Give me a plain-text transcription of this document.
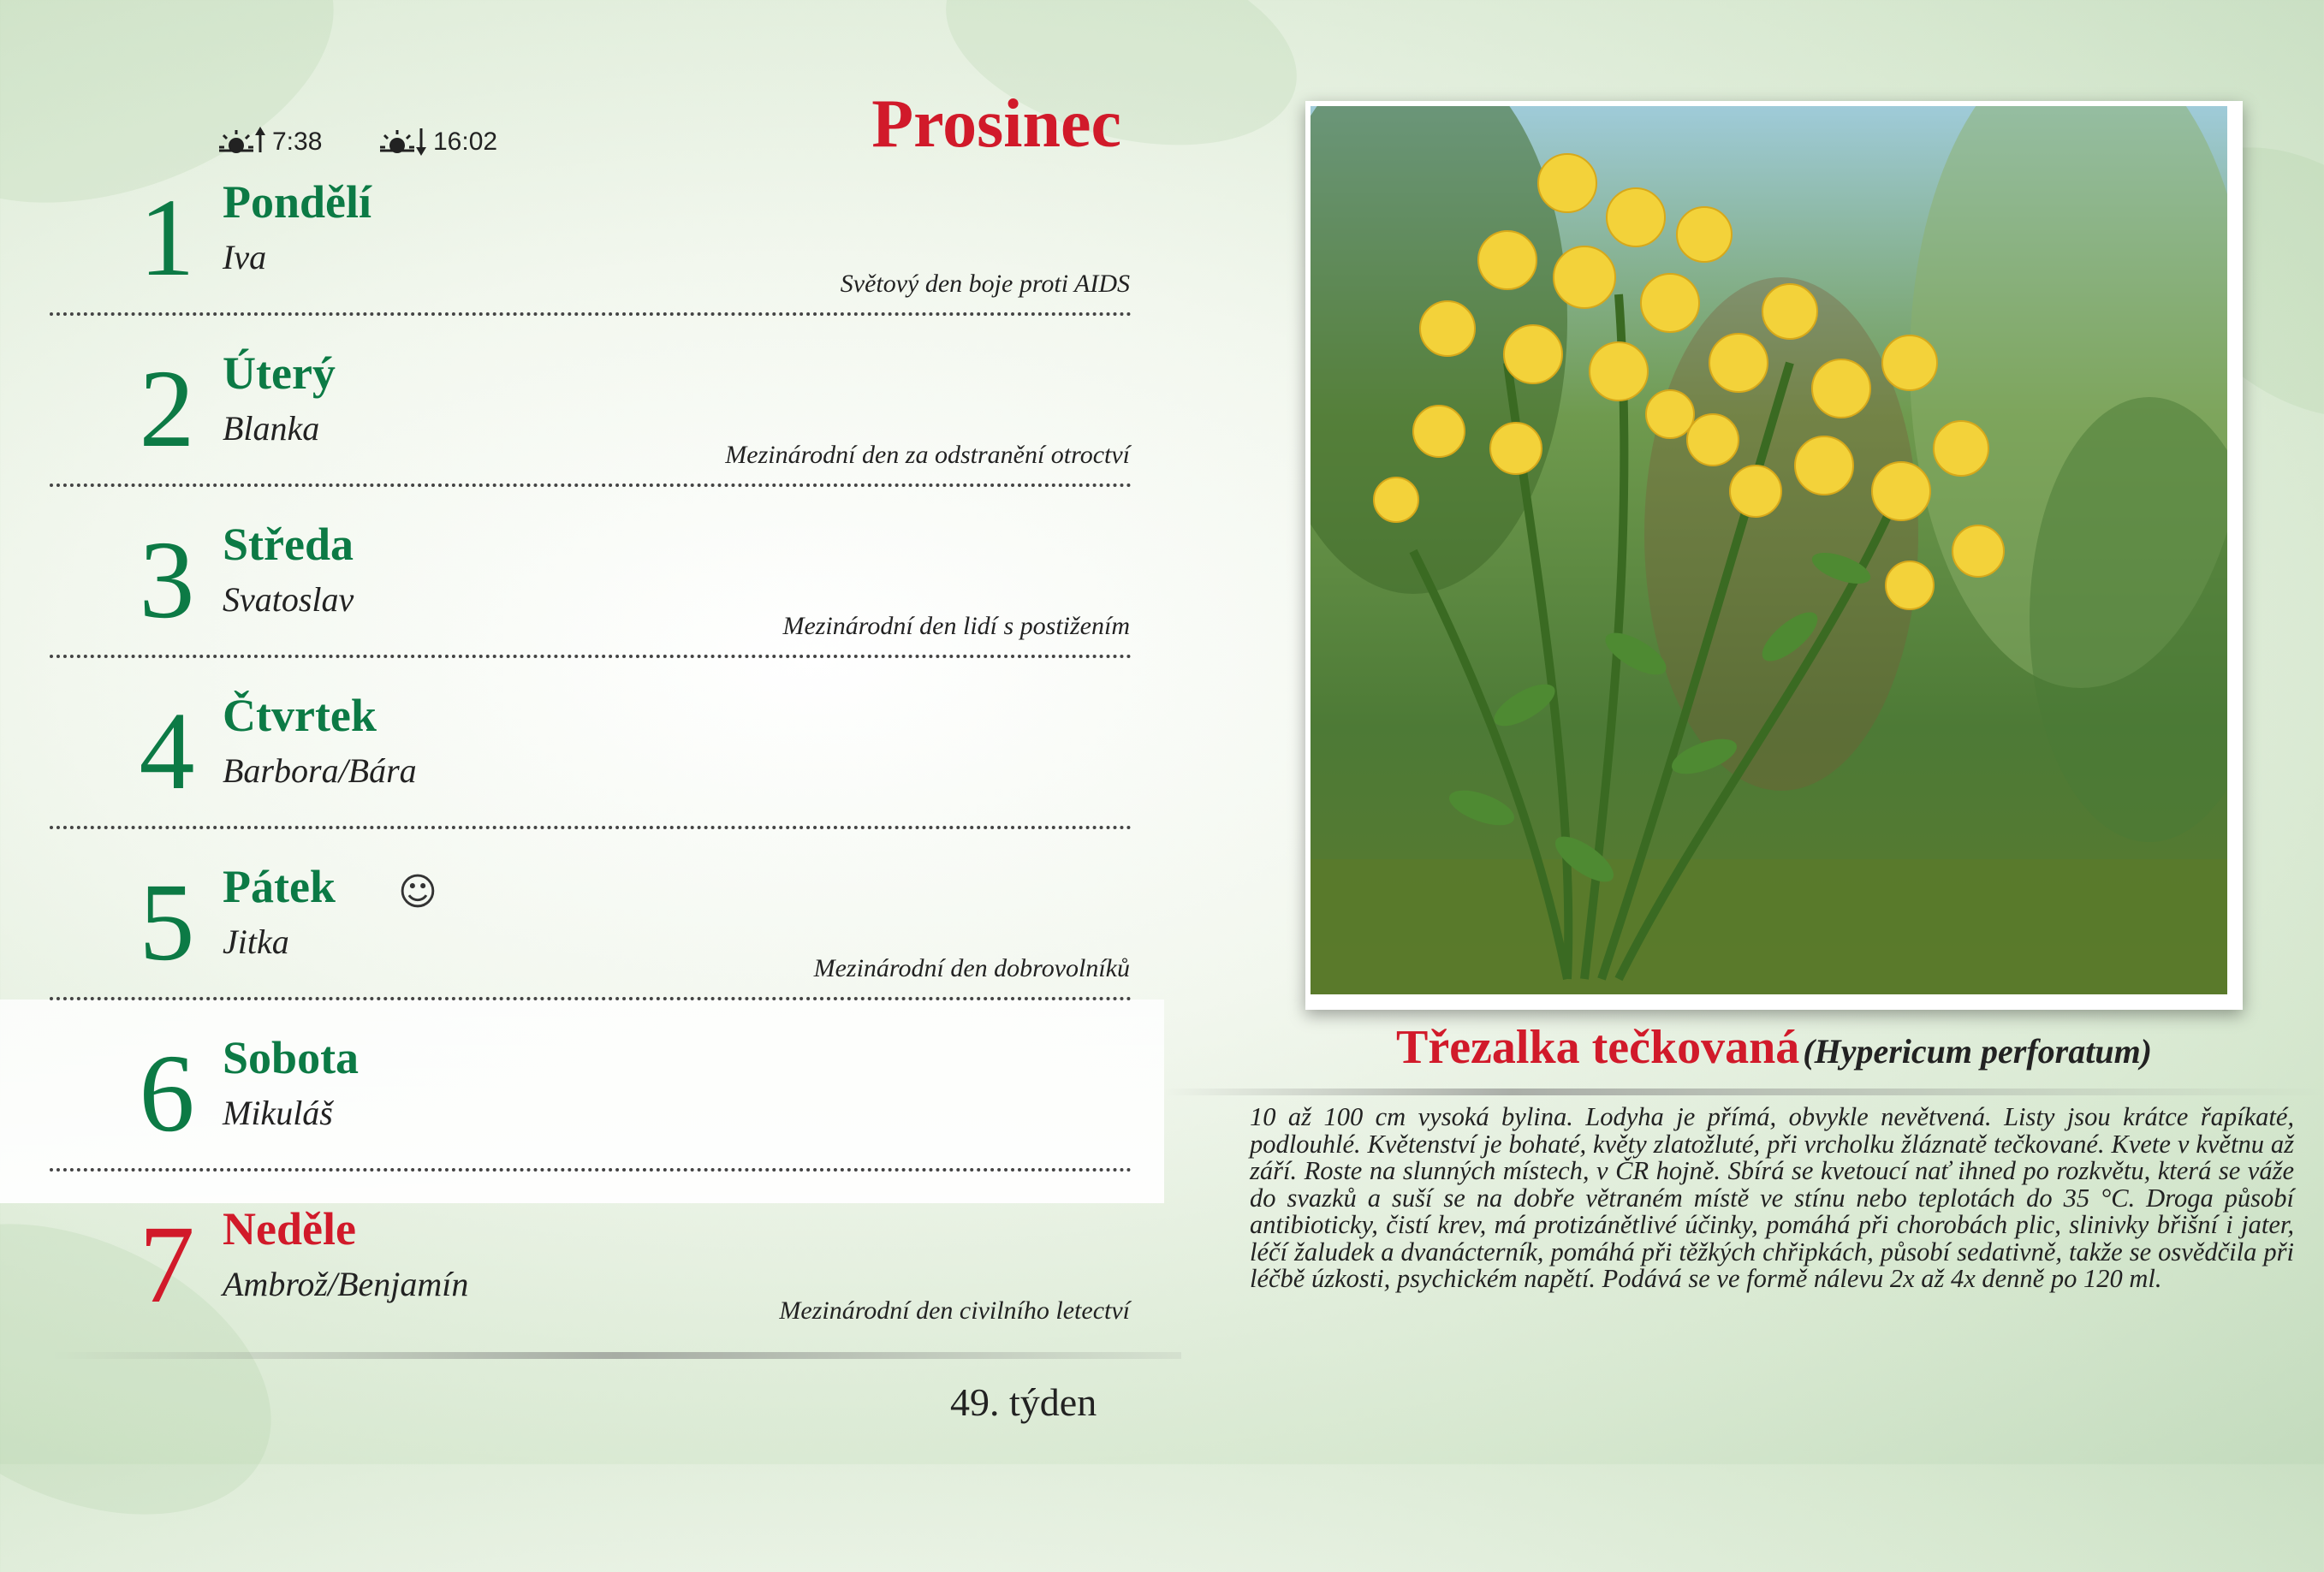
7:38	16:02	Prosinec
1 Pondělí
Iva
Světový den boje proti AIDS
2 Úterý
Blanka
Mezinárodní den za odstranění otroctví
3 Středa
Svatoslav
Mezinárodní den lidí s postižením
4 Čtvrtek
Barbora/Bára
5 Pátek ☺
Jitka
Mezinárodní den dobrovolníků
6 Sobota
Mikuláš
7 Neděle
Ambrož/Benjamín
Mezinárodní den civilního letectví
49. týden
Třezalka tečkovaná (Hypericum perforatum)
10 až 100 cm vysoká bylina. Lodyha je přímá, obvykle nevětvená. Listy jsou krátce řapíkaté, podlouhlé. Květenství je bohaté, květy zlatožluté, při vrcholku žláznatě tečkované. Kvete v květnu až září. Roste na slunných místech, v ČR hojně. Sbírá se kvetoucí nať ihned po rozkvětu, která se váže do svazků a suší se na dobře větraném místě ve stínu nebo teplotách do 35 °C. Droga působí antibioticky, čistí krev, má protizánětlivé účinky, pomáhá při chorobách plic, slinivky břišní i jater, léčí žaludek a dvanácterník, pomáhá při těžkých chřipkách, působí sedativně, takže se osvědčila při léčbě úzkosti, psychickém napětí. Podává se ve formě nálevu 2x až 4x denně po 120 ml.
